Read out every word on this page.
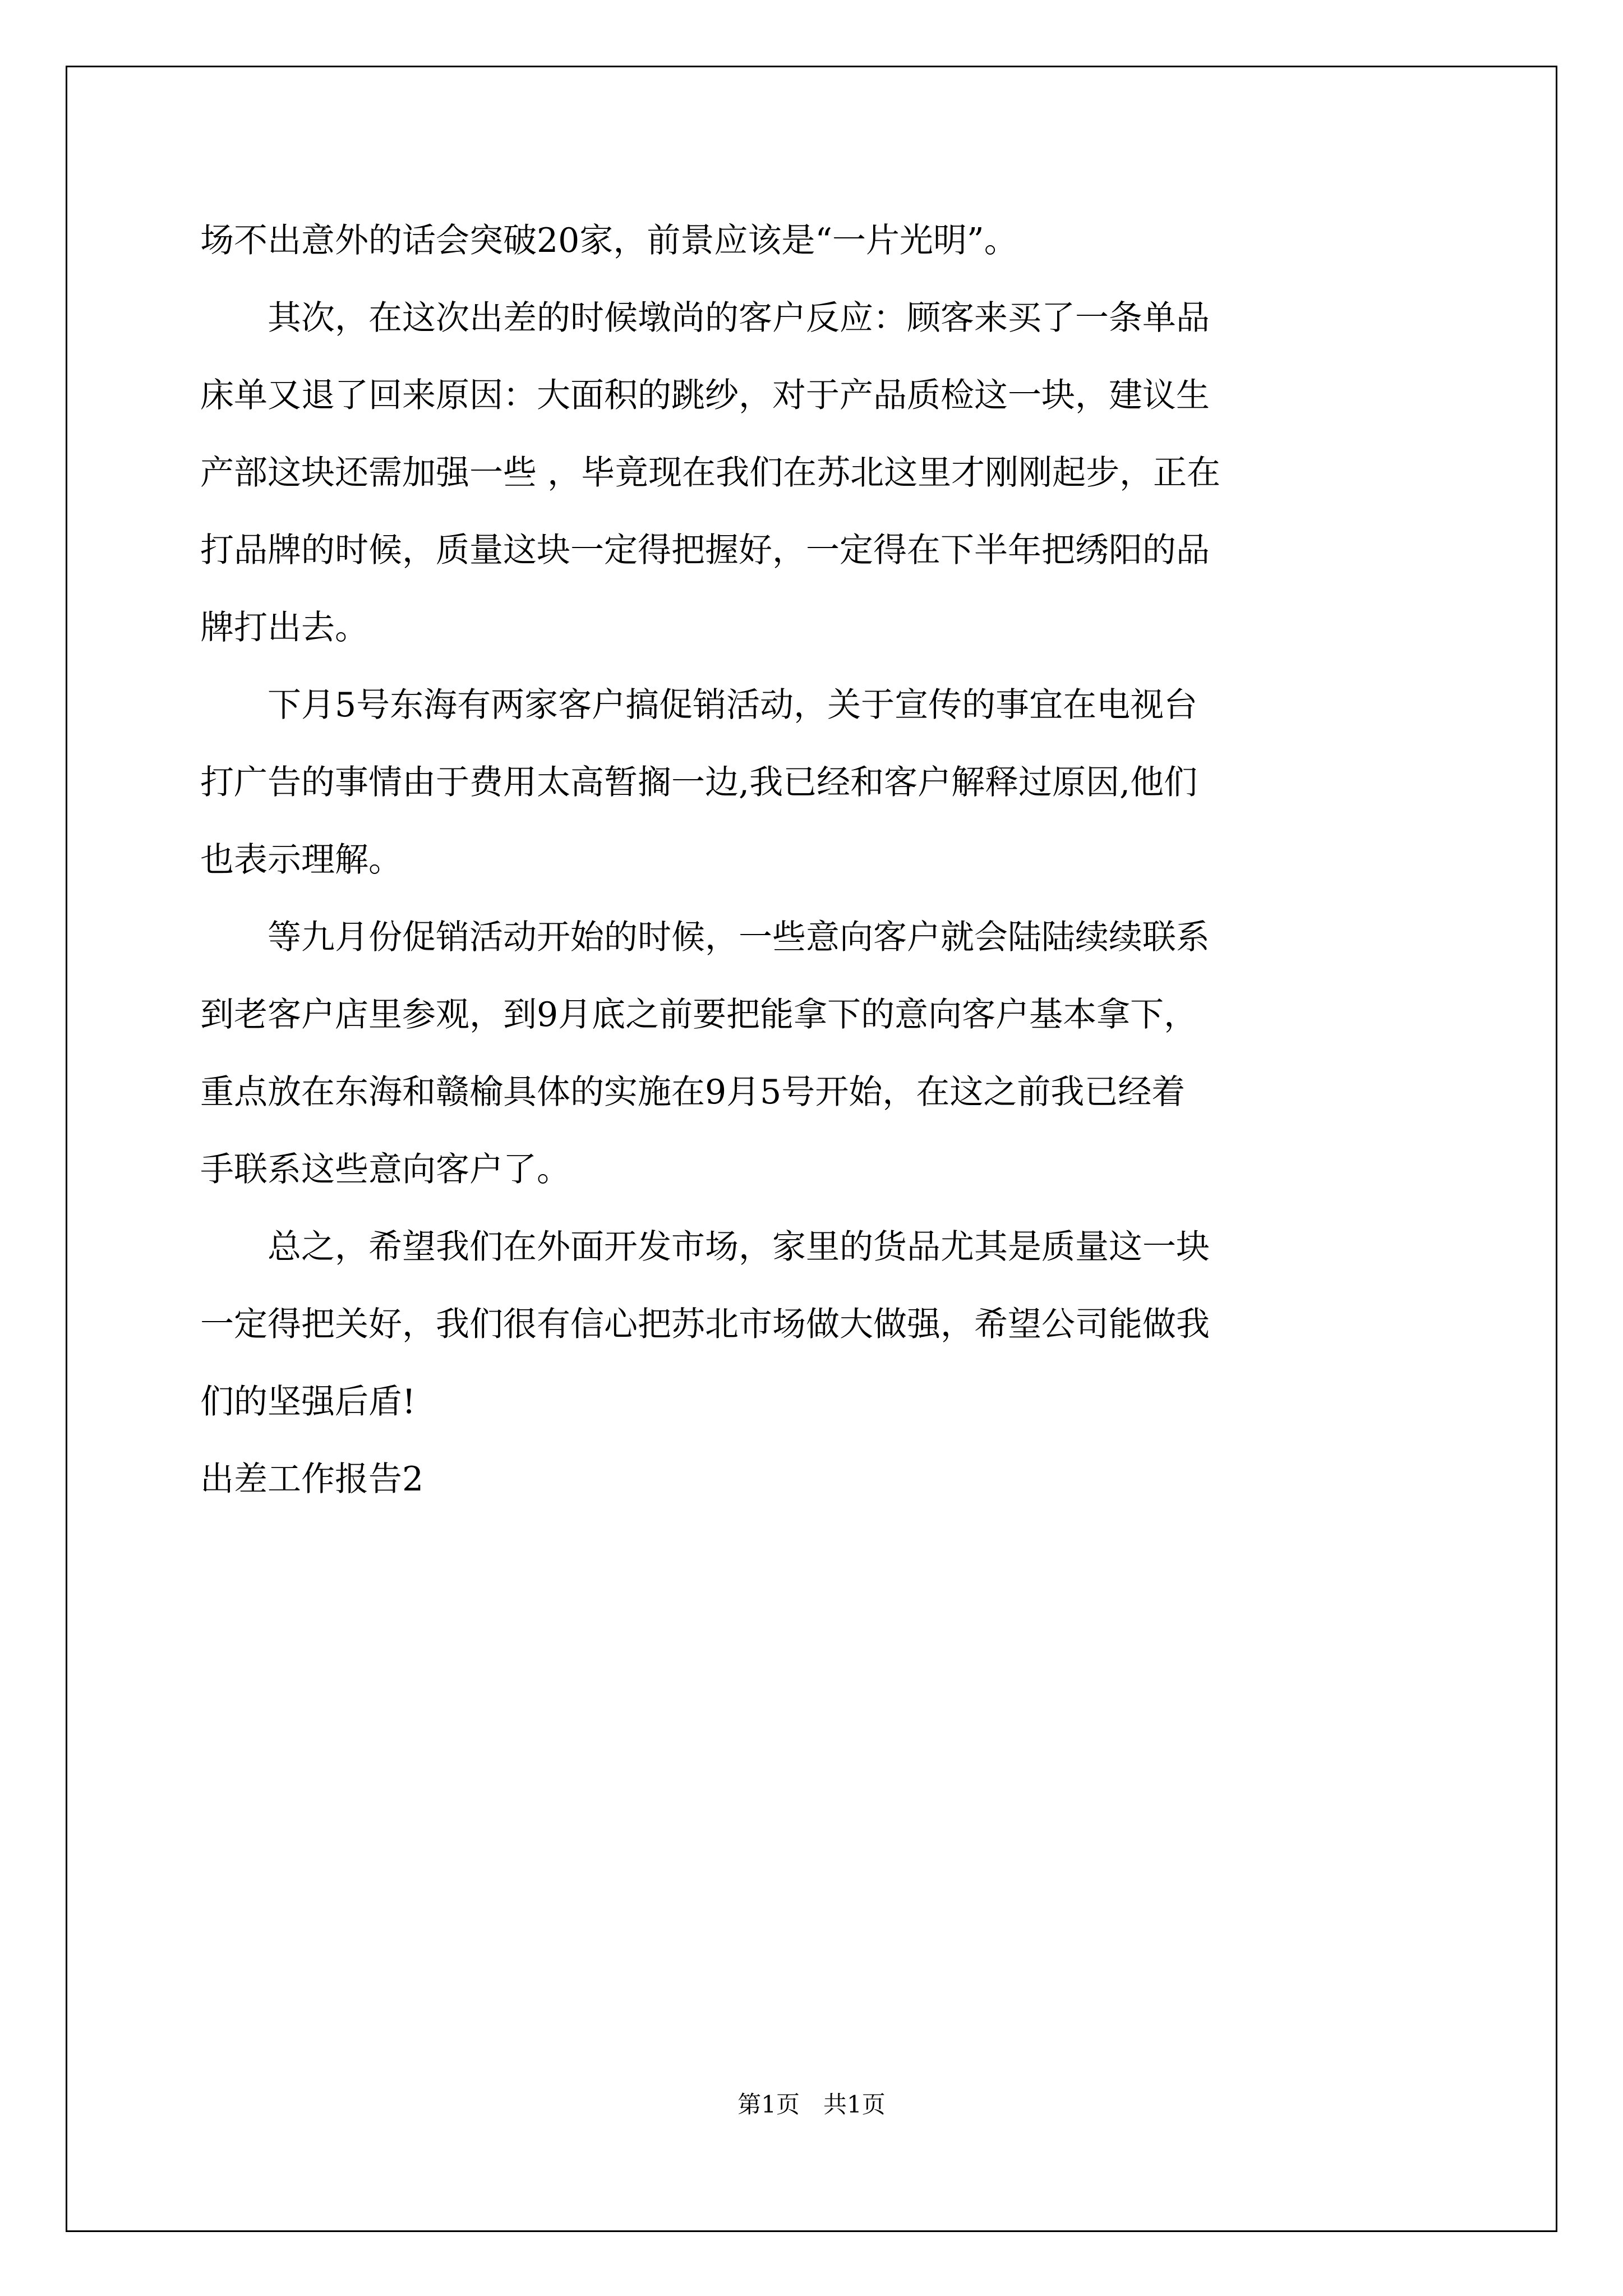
场不出意外的话会突破20家，前景应该是“一片光明”。

　　其次，在这次出差的时候墩尚的客户反应：顾客来买了一条单品

床单又退了回来原因：大面积的跳纱，对于产品质检这一块，建议生

产部这块还需加强一些 ，毕竟现在我们在苏北这里才刚刚起步，正在

打品牌的时候，质量这块一定得把握好，一定得在下半年把绣阳的品

牌打出去。

　　下月5号东海有两家客户搞促销活动，关于宣传的事宜在电视台

打广告的事情由于费用太高暂搁一边,我已经和客户解释过原因,他们

也表示理解。

　　等九月份促销活动开始的时候，一些意向客户就会陆陆续续联系

到老客户店里参观，到9月底之前要把能拿下的意向客户基本拿下，

重点放在东海和赣榆具体的实施在9月5号开始，在这之前我已经着

手联系这些意向客户了。

　　总之，希望我们在外面开发市场，家里的货品尤其是质量这一块

一定得把关好，我们很有信心把苏北市场做大做强，希望公司能做我

们的坚强后盾!

出差工作报告2

第1页　共1页
